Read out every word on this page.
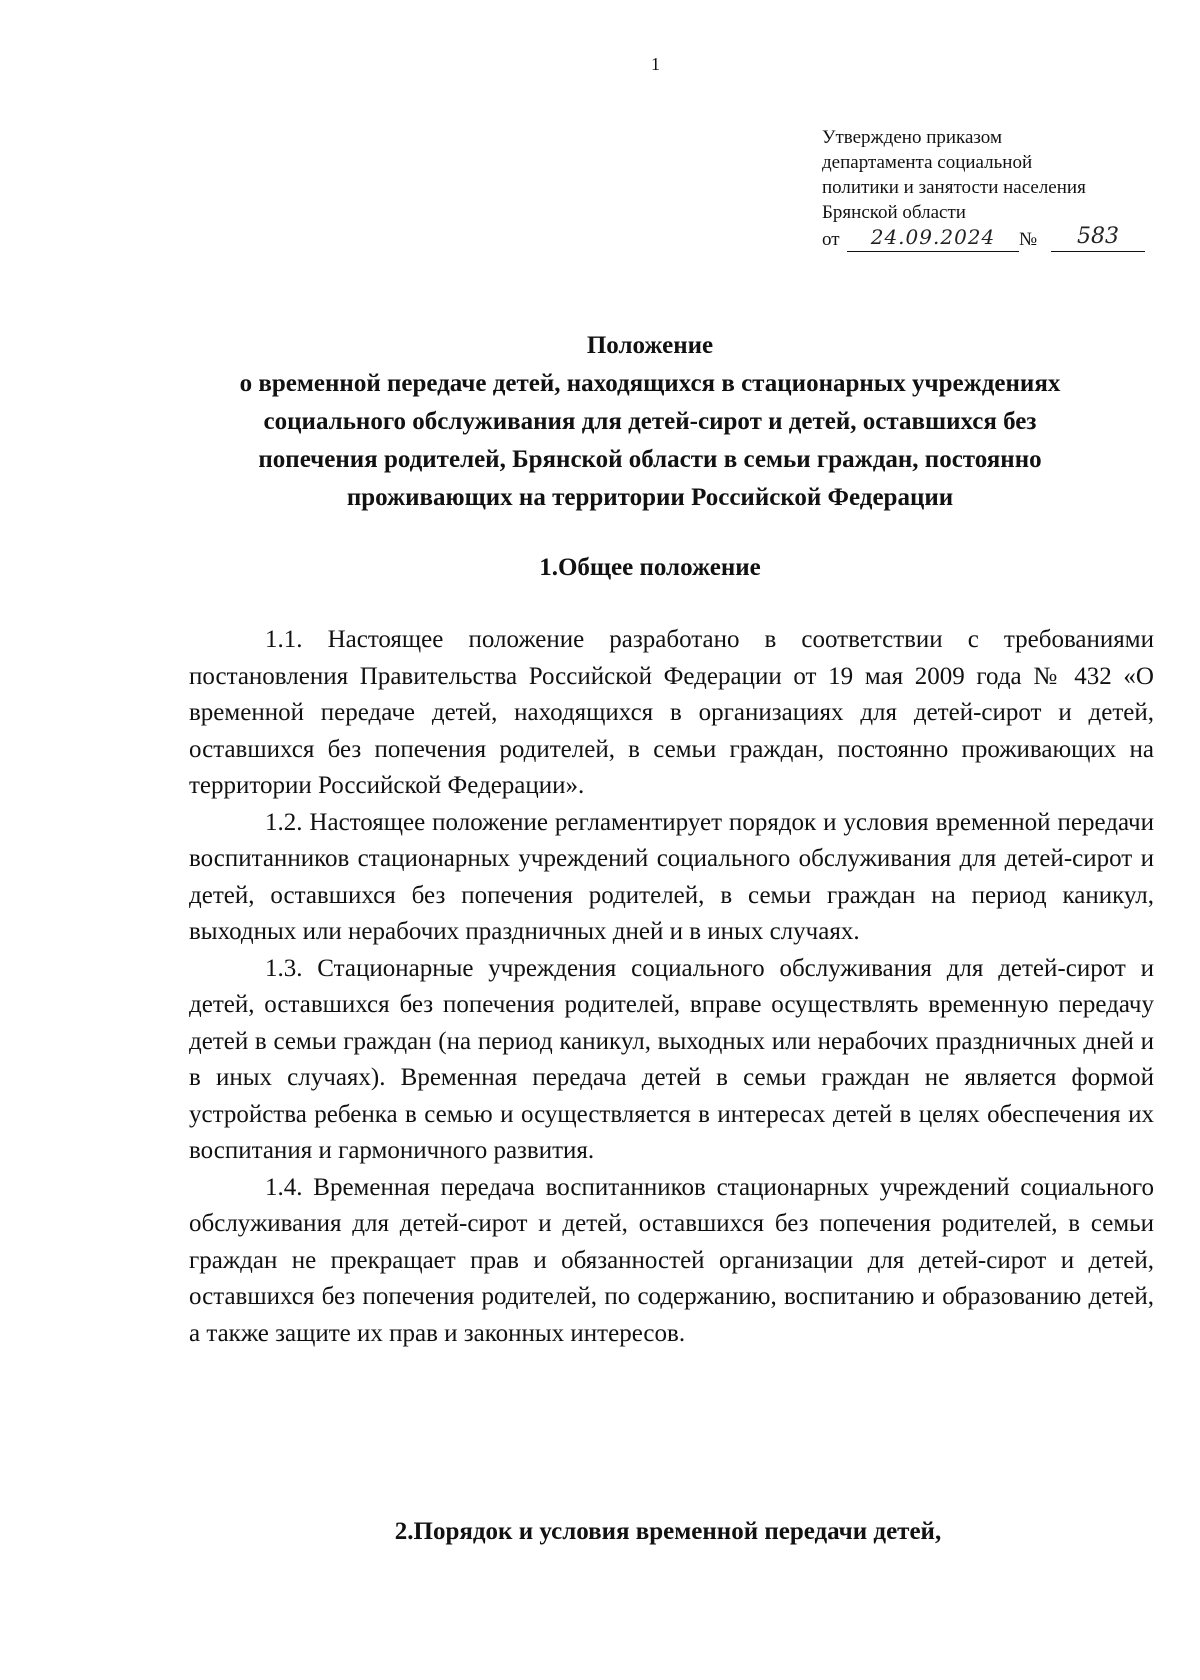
1
Утверждено приказом
департамента социальной
политики и занятости населения
Брянской области
от	24.09.2024	№	583
Положение
о временной передаче детей, находящихся в стационарных учреждениях
социального обслуживания для детей-сирот и детей, оставшихся без
попечения родителей, Брянской области в семьи граждан, постоянно
проживающих на территории Российской Федерации
1.Общее положение

1.1. Настоящее положение разработано в соответствии с требованиями постановления Правительства Российской Федерации от 19 мая 2009 года № 432 «О временной передаче детей, находящихся в организациях для детей-сирот и детей, оставшихся без попечения родителей, в семьи граждан, постоянно проживающих на территории Российской Федерации».

1.2. Настоящее положение регламентирует порядок и условия временной передачи воспитанников стационарных учреждений социального обслуживания для детей-сирот и детей, оставшихся без попечения родителей, в семьи граждан на период каникул, выходных или нерабочих праздничных дней и в иных случаях.

1.3. Стационарные учреждения социального обслуживания для детей-сирот и детей, оставшихся без попечения родителей, вправе осуществлять временную передачу детей в семьи граждан (на период каникул, выходных или нерабочих праздничных дней и в иных случаях). Временная передача детей в семьи граждан не является формой устройства ребенка в семью и осуществляется в интересах детей в целях обеспечения их воспитания и гармоничного развития.

1.4. Временная передача воспитанников стационарных учреждений социального обслуживания для детей-сирот и детей, оставшихся без попечения родителей, в семьи граждан не прекращает прав и обязанностей организации для детей-сирот и детей, оставшихся без попечения родителей, по содержанию, воспитанию и образованию детей, а также защите их прав и законных интересов.

2.Порядок и условия временной передачи детей,
